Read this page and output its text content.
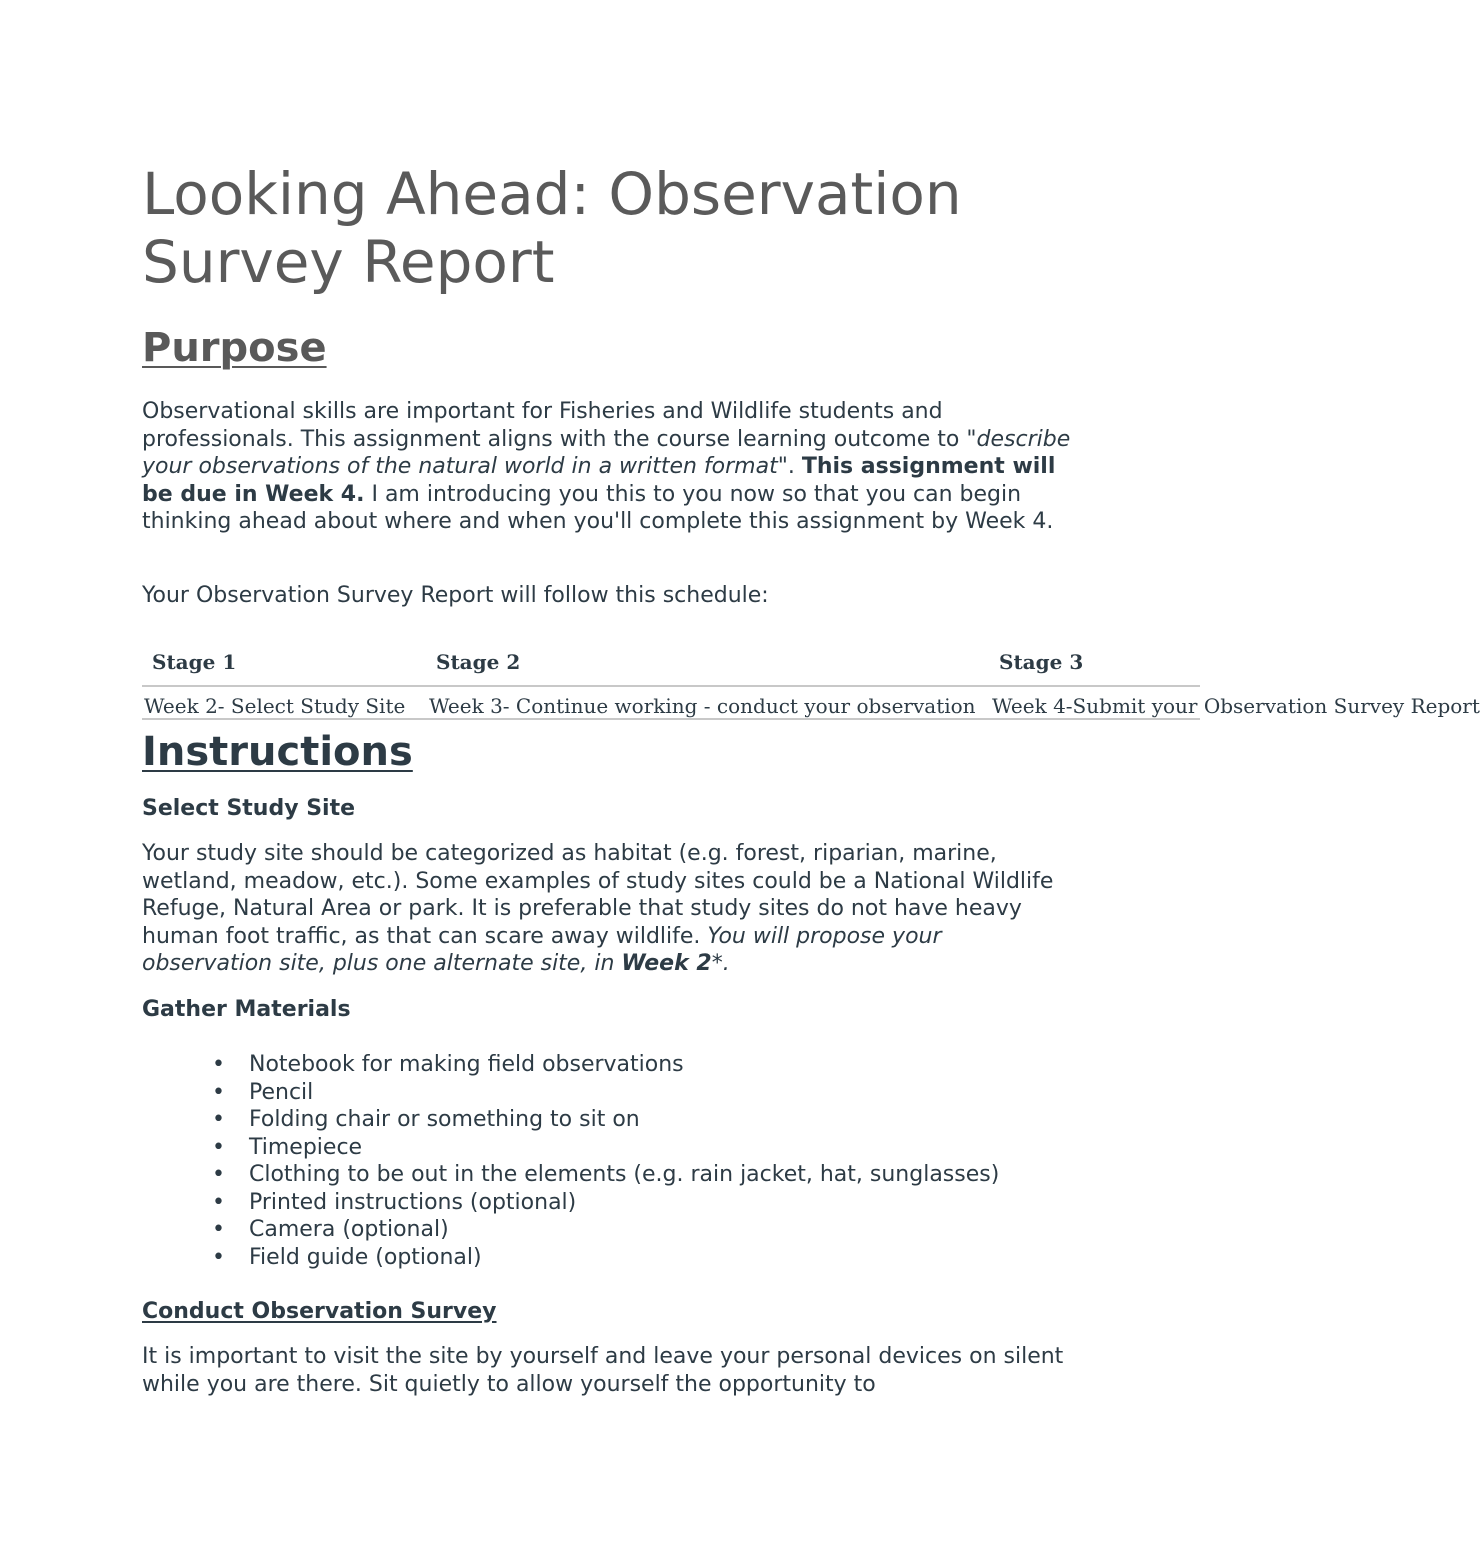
Looking Ahead: Observation
Survey Report
Purpose

Observational skills are important for Fisheries and Wildlife students and professionals. This assignment aligns with the course learning outcome to "describe your observations of the natural world in a written format". This assignment will be due in Week 4. I am introducing you this to you now so that you can begin thinking ahead about where and when you'll complete this assignment by Week 4.

Your Observation Survey Report will follow this schedule:

Stage 1	Stage 2	Stage 3
Week 2- Select Study Site Week 3- Continue working - conduct your observation Week 4-Submit your Observation Survey Report
Instructions
Select Study Site

Your study site should be categorized as habitat (e.g. forest, riparian, marine, wetland, meadow, etc.). Some examples of study sites could be a National Wildlife Refuge, Natural Area or park. It is preferable that study sites do not have heavy human foot traffic, as that can scare away wildlife. You will propose your observation site, plus one alternate site, in Week 2*.

Gather Materials
• Notebook for making field observations
• Pencil
• Folding chair or something to sit on
• Timepiece
• Clothing to be out in the elements (e.g. rain jacket, hat, sunglasses)
• Printed instructions (optional)
• Camera (optional)
• Field guide (optional)
Conduct Observation Survey

It is important to visit the site by yourself and leave your personal devices on silent while you are there. Sit quietly to allow yourself the opportunity to
